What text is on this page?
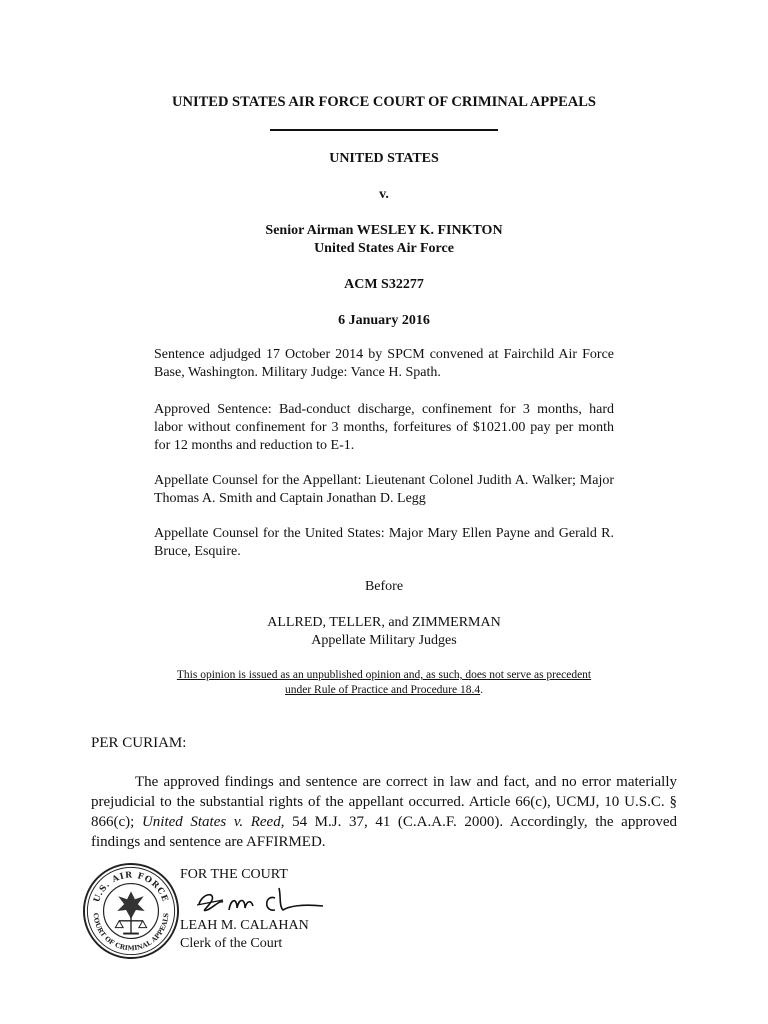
UNITED STATES AIR FORCE COURT OF CRIMINAL APPEALS
UNITED STATES
v.
Senior Airman WESLEY K. FINKTON
United States Air Force
ACM S32277
6 January 2016
Sentence adjudged 17 October 2014 by SPCM convened at Fairchild Air Force Base, Washington. Military Judge: Vance H. Spath.
Approved Sentence: Bad-conduct discharge, confinement for 3 months, hard labor without confinement for 3 months, forfeitures of $1021.00 pay per month for 12 months and reduction to E-1.
Appellate Counsel for the Appellant: Lieutenant Colonel Judith A. Walker; Major Thomas A. Smith and Captain Jonathan D. Legg
Appellate Counsel for the United States: Major Mary Ellen Payne and Gerald R. Bruce, Esquire.
Before
ALLRED, TELLER, and ZIMMERMAN
Appellate Military Judges
This opinion is issued as an unpublished opinion and, as such, does not serve as precedent
under Rule of Practice and Procedure 18.4.
PER CURIAM:
The approved findings and sentence are correct in law and fact, and no error materially prejudicial to the substantial rights of the appellant occurred. Article 66(c), UCMJ, 10 U.S.C. § 866(c); United States v. Reed, 54 M.J. 37, 41 (C.A.A.F. 2000). Accordingly, the approved findings and sentence are AFFIRMED.
U.S. AIR FORCE
COURT OF CRIMINAL APPEALS
FOR THE COURT
LEAH M. CALAHAN
Clerk of the Court
